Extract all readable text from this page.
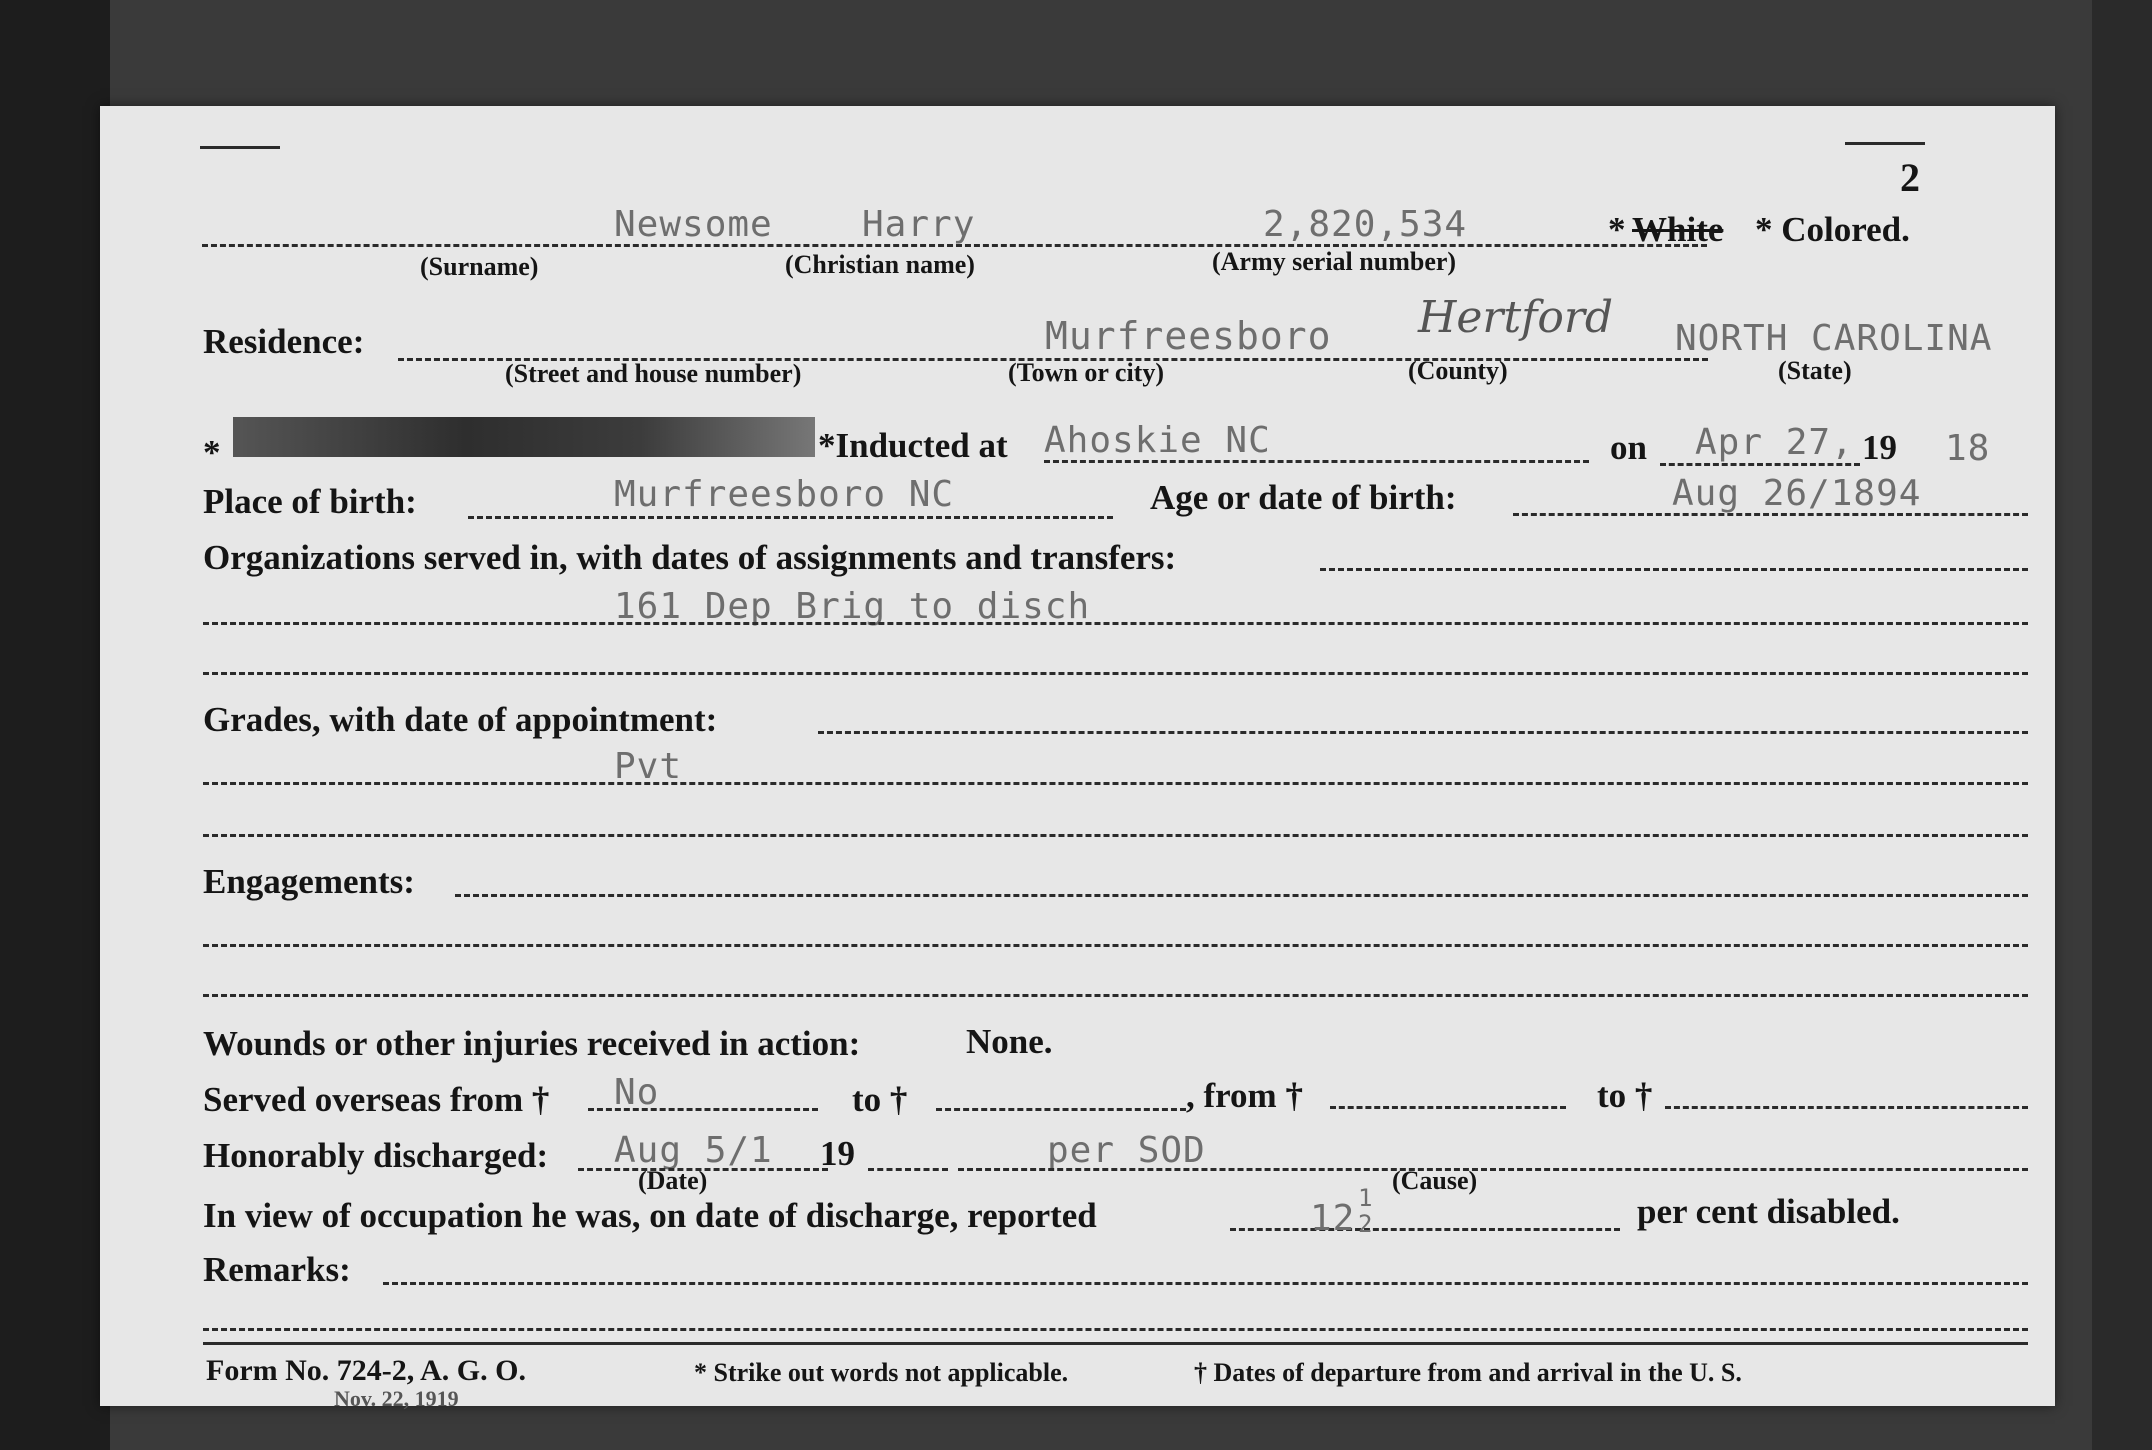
2
Newsome Harry	2,820,534
(Surname)	(Christian name)	(Army serial number)
* White * Colored.
Residence:	Murfreesboro Hertford NORTH CAROLINA
(Street and house number)	(Town or city)	(County)	(State)
*	*Inducted at Ahoskie NC	on Apr 27, 19 18
Place of birth:	Murfreesboro NC	Age or date of birth:	Aug 26/1894
Organizations served in, with dates of assignments and transfers:
161 Dep Brig to disch
Grades, with date of appointment:
Pvt
Engagements:
Wounds or other injuries received in action:	None.
Served overseas from † No	to †	, from †	to †
Honorably discharged: Aug 5/1 19	per SOD
(Date)	(Cause)
In view of occupation he was, on date of discharge, reported	12 1
2	per cent disabled.
Remarks:
Form No. 724-2, A. G. O.
Nov. 22, 1919
* Strike out words not applicable.	† Dates of departure from and arrival in the U. S.
